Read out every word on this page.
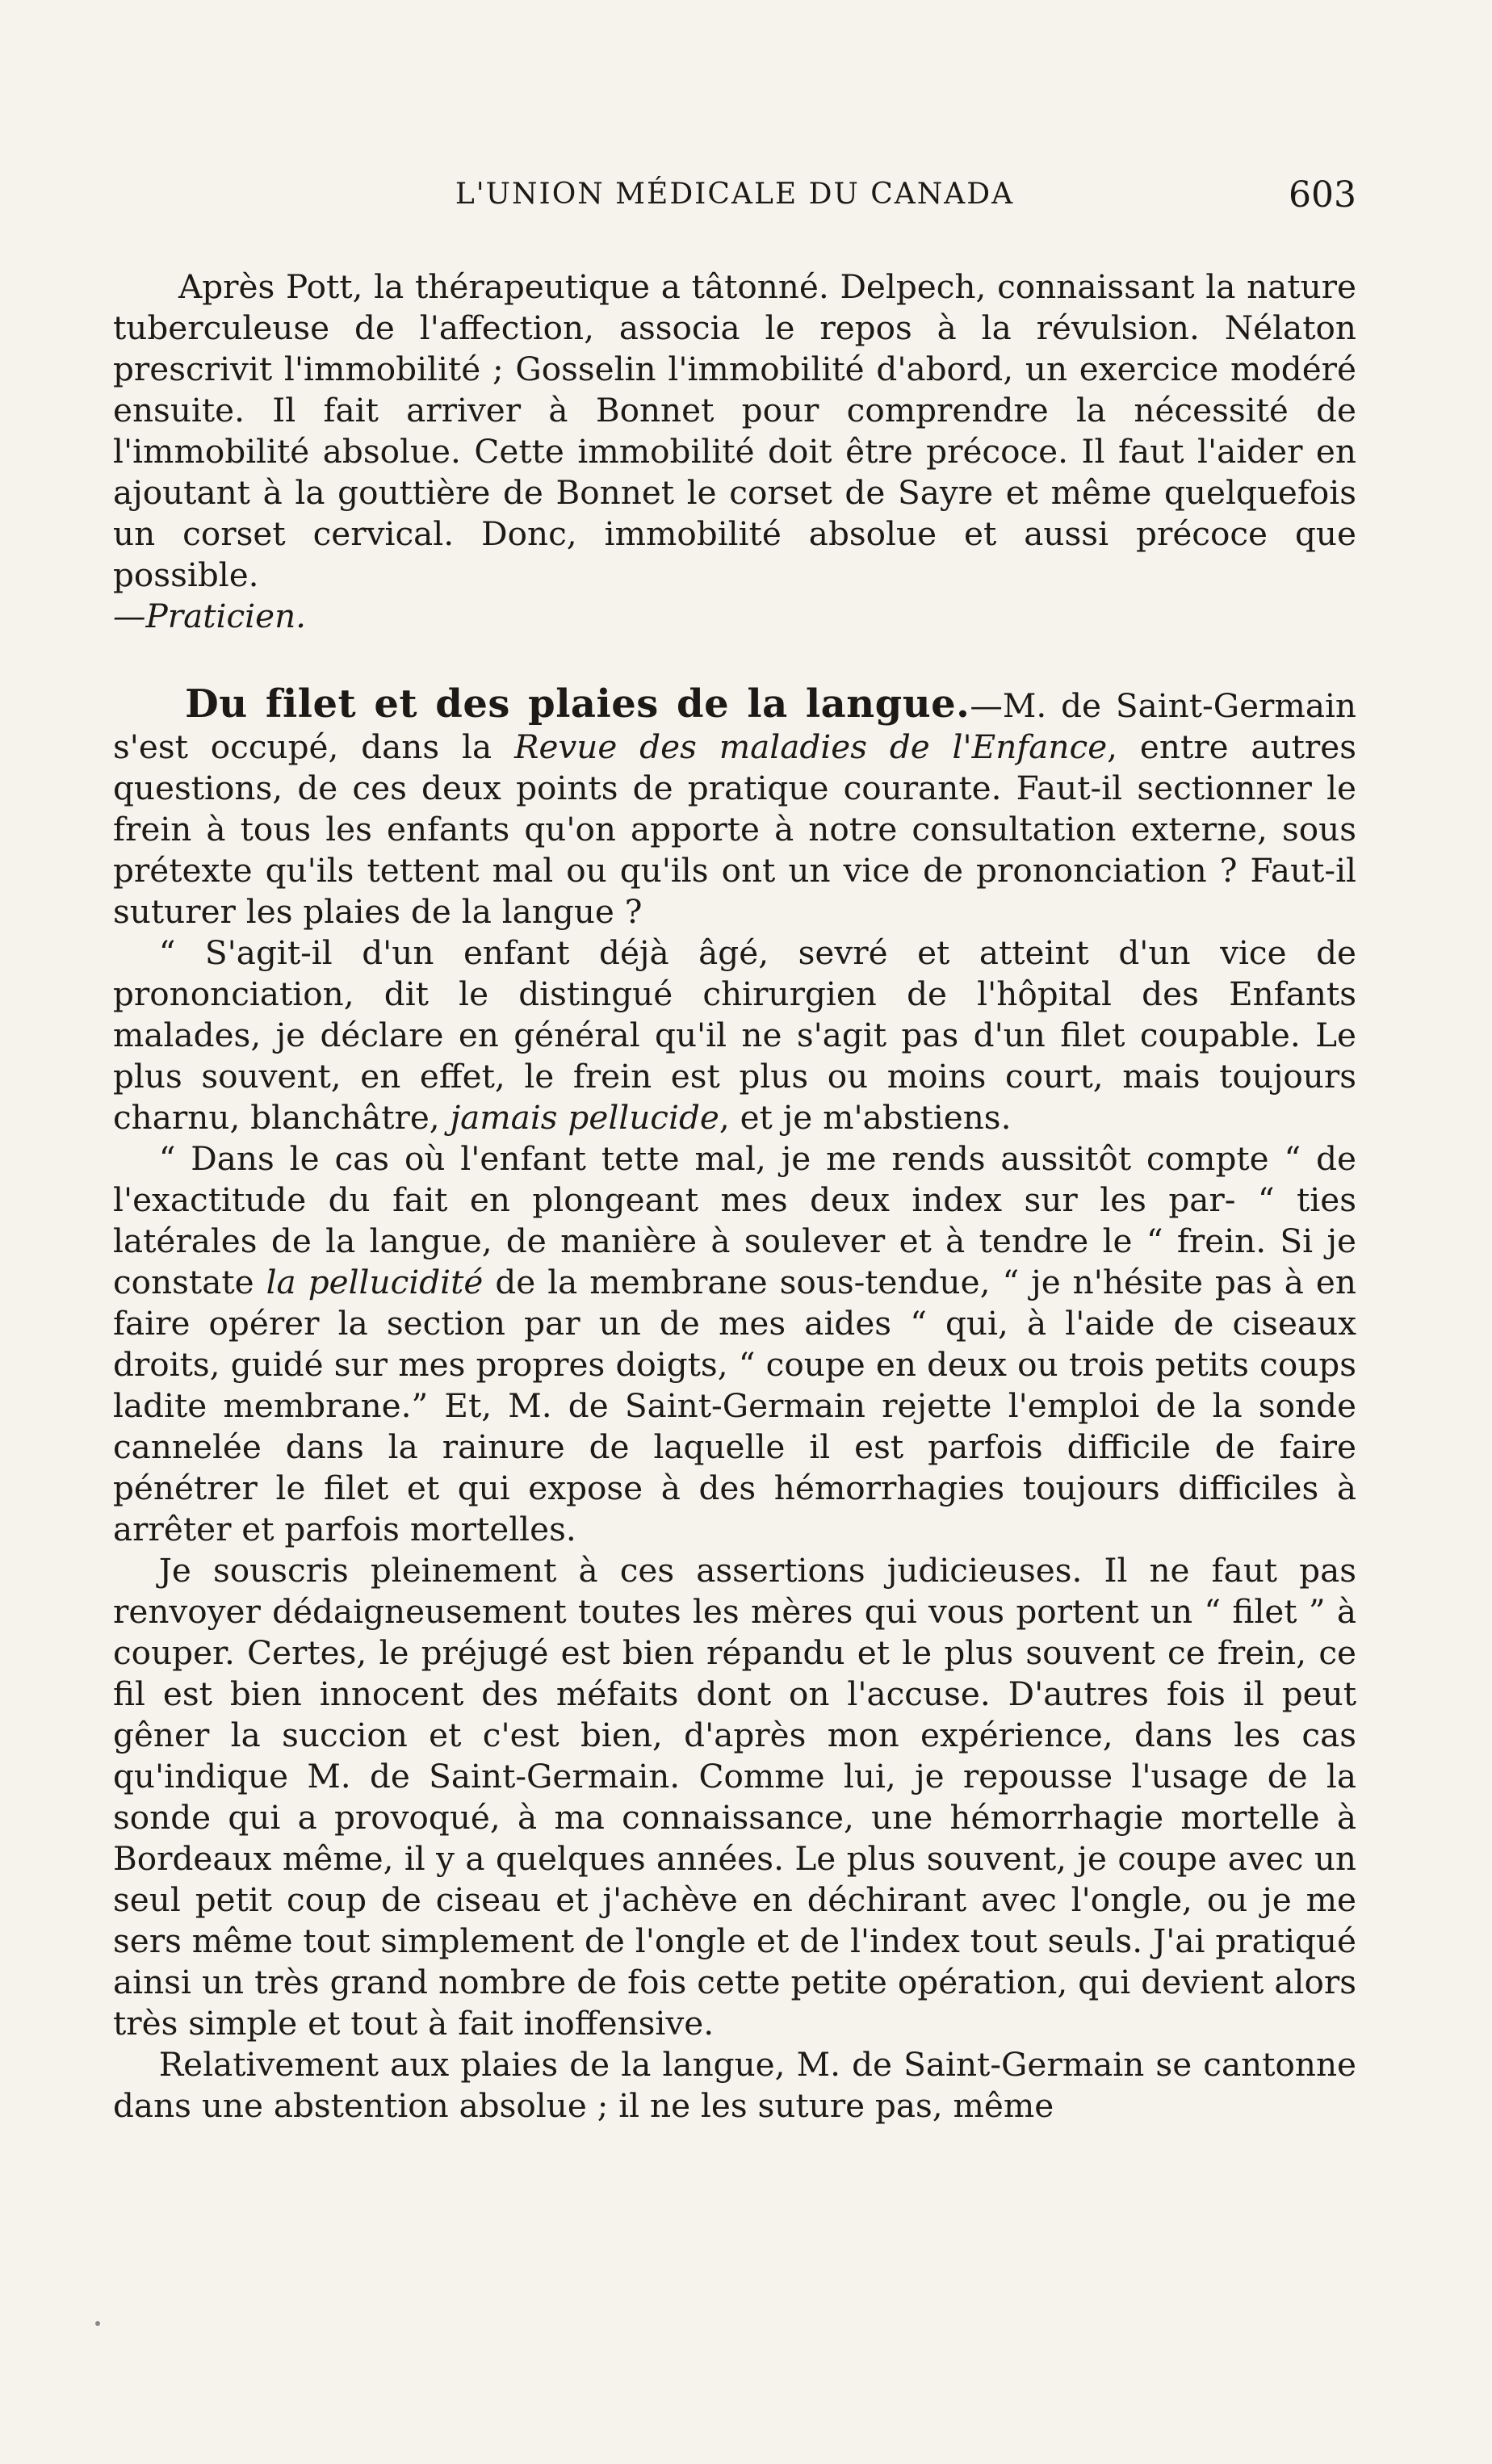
L'UNION MÉDICALE DU CANADA	603

Après Pott, la thérapeutique a tâtonné. Delpech, connaissant la nature tuberculeuse de l'affection, associa le repos à la révulsion. Nélaton prescrivit l'immobilité ; Gosselin l'immobilité d'abord, un exercice modéré ensuite. Il fait arriver à Bonnet pour comprendre la nécessité de l'immobilité absolue. Cette immobilité doit être précoce. Il faut l'aider en ajoutant à la gouttière de Bonnet le corset de Sayre et même quelquefois un corset cervical. Donc, immobilité absolue et aussi précoce que possible.
—Praticien.

Du filet et des plaies de la langue.—M. de Saint-Germain s'est occupé, dans la Revue des maladies de l'Enfance, entre autres questions, de ces deux points de pratique courante. Faut-il sectionner le frein à tous les enfants qu'on apporte à notre consultation externe, sous prétexte qu'ils tettent mal ou qu'ils ont un vice de prononciation ? Faut-il suturer les plaies de la langue ?

“ S'agit-il d'un enfant déjà âgé, sevré et atteint d'un vice de prononciation, dit le distingué chirurgien de l'hôpital des Enfants malades, je déclare en général qu'il ne s'agit pas d'un filet coupable. Le plus souvent, en effet, le frein est plus ou moins court, mais toujours charnu, blanchâtre, jamais pellucide, et je m'abstiens.

“ Dans le cas où l'enfant tette mal, je me rends aussitôt compte “ de l'exactitude du fait en plongeant mes deux index sur les par- “ ties latérales de la langue, de manière à soulever et à tendre le “ frein. Si je constate la pellucidité de la membrane sous-tendue, “ je n'hésite pas à en faire opérer la section par un de mes aides “ qui, à l'aide de ciseaux droits, guidé sur mes propres doigts, “ coupe en deux ou trois petits coups ladite membrane.” Et, M. de Saint-Germain rejette l'emploi de la sonde cannelée dans la rainure de laquelle il est parfois difficile de faire pénétrer le filet et qui expose à des hémorrhagies toujours difficiles à arrêter et parfois mortelles.

Je souscris pleinement à ces assertions judicieuses. Il ne faut pas renvoyer dédaigneusement toutes les mères qui vous portent un “ filet ” à couper. Certes, le préjugé est bien répandu et le plus souvent ce frein, ce fil est bien innocent des méfaits dont on l'accuse. D'autres fois il peut gêner la succion et c'est bien, d'après mon expérience, dans les cas qu'indique M. de Saint-Germain. Comme lui, je repousse l'usage de la sonde qui a provoqué, à ma connaissance, une hémorrhagie mortelle à Bordeaux même, il y a quelques années. Le plus souvent, je coupe avec un seul petit coup de ciseau et j'achève en déchirant avec l'ongle, ou je me sers même tout simplement de l'ongle et de l'index tout seuls. J'ai pratiqué ainsi un très grand nombre de fois cette petite opération, qui devient alors très simple et tout à fait inoffensive.

Relativement aux plaies de la langue, M. de Saint-Germain se cantonne dans une abstention absolue ; il ne les suture pas, même
